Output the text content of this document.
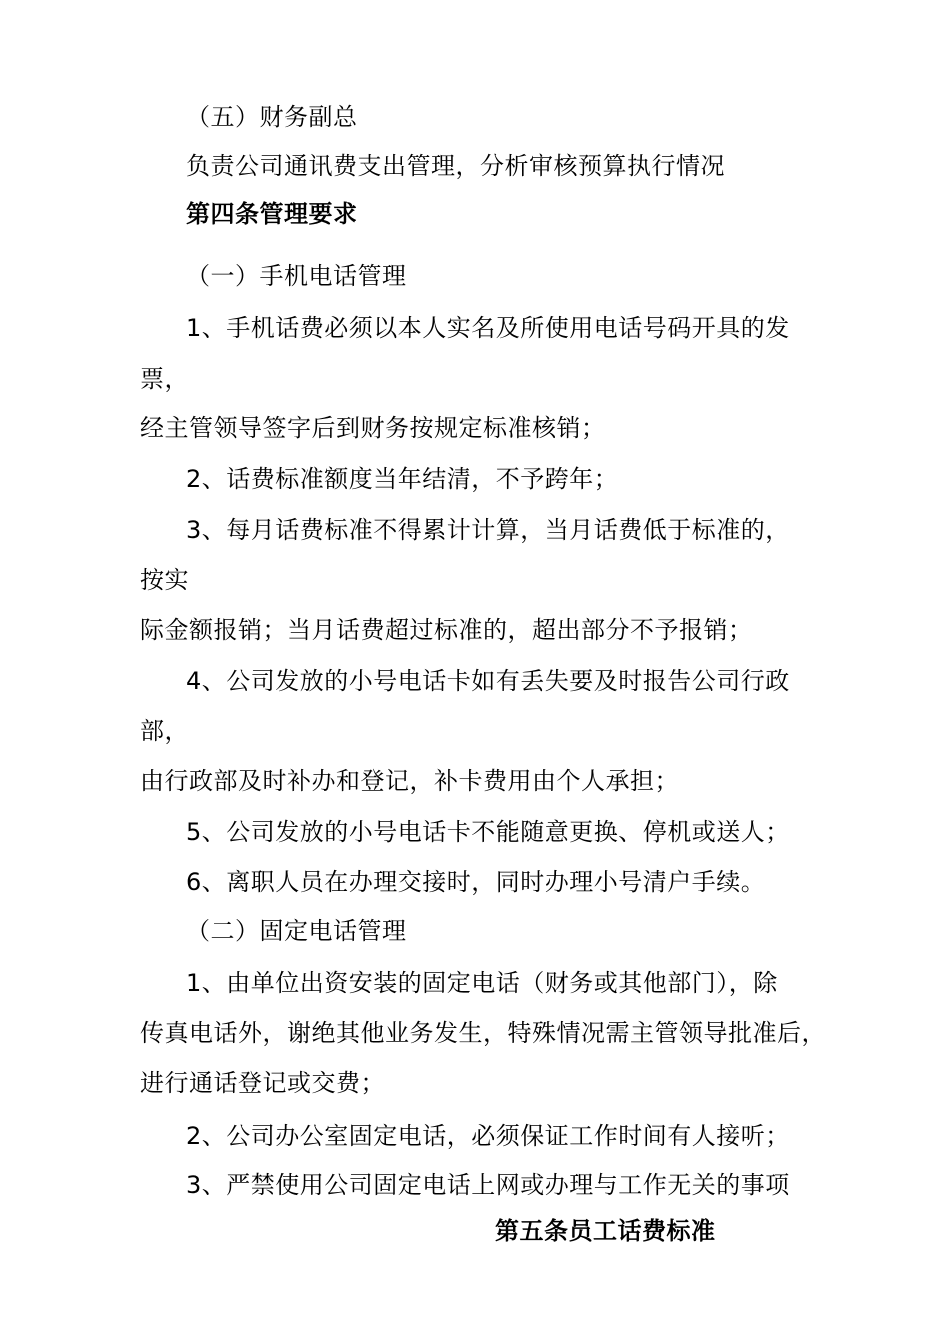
（五）财务副总
负责公司通讯费支出管理，分析审核预算执行情况
第四条管理要求
（一）手机电话管理
1、手机话费必须以本人实名及所使用电话号码开具的发
票，
经主管领导签字后到财务按规定标准核销；
2、话费标准额度当年结清，不予跨年；
3、每月话费标准不得累计计算，当月话费低于标准的，
按实
际金额报销；当月话费超过标准的，超出部分不予报销；
4、公司发放的小号电话卡如有丢失要及时报告公司行政
部，
由行政部及时补办和登记，补卡费用由个人承担；
5、公司发放的小号电话卡不能随意更换、停机或送人；
6、离职人员在办理交接时，同时办理小号清户手续。
（二）固定电话管理
1、由单位出资安装的固定电话（财务或其他部门），除
传真电话外，谢绝其他业务发生，特殊情况需主管领导批准后，
进行通话登记或交费；
2、公司办公室固定电话，必须保证工作时间有人接听；
3、严禁使用公司固定电话上网或办理与工作无关的事项
第五条员工话费标准
